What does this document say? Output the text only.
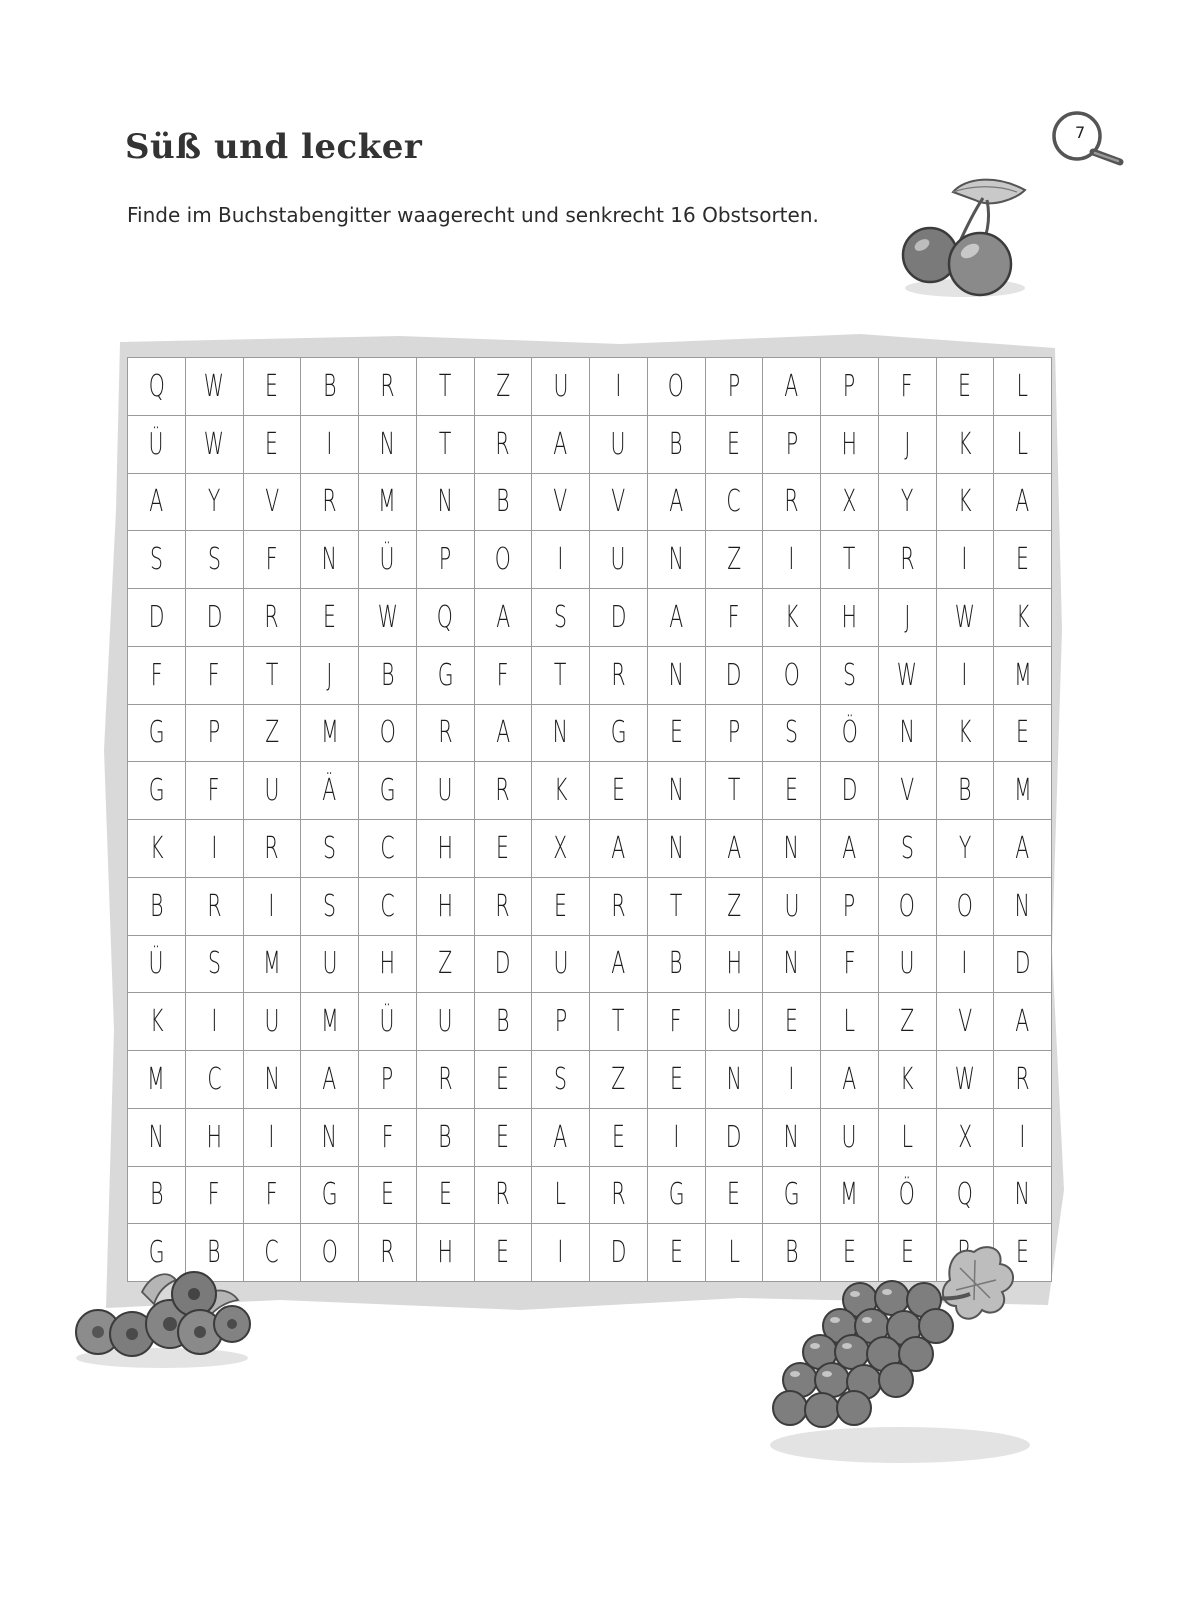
Süß und lecker
Finde im Buchstabengitter waagerecht und senkrecht 16 Obstsorten.
7
Q	W	E	B	R	T	Z	U	I	O	P	A	P	F	E	L
Ü	W	E	I	N	T	R	A	U	B	E	P	H	J	K	L
A	Y	V	R	M	N	B	V	V	A	C	R	X	Y	K	A
S	S	F	N	Ü	P	O	I	U	N	Z	I	T	R	I	E
D	D	R	E	W	Q	A	S	D	A	F	K	H	J	W	K
F	F	T	J	B	G	F	T	R	N	D	O	S	W	I	M
G	P	Z	M	O	R	A	N	G	E	P	S	Ö	N	K	E
G	F	U	Ä	G	U	R	K	E	N	T	E	D	V	B	M
K	I	R	S	C	H	E	X	A	N	A	N	A	S	Y	A
B	R	I	S	C	H	R	E	R	T	Z	U	P	O	O	N
Ü	S	M	U	H	Z	D	U	A	B	H	N	F	U	I	D
K	I	U	M	Ü	U	B	P	T	F	U	E	L	Z	V	A
M	C	N	A	P	R	E	S	Z	E	N	I	A	K	W	R
N	H	I	N	F	B	E	A	E	I	D	N	U	L	X	I
B	F	F	G	E	E	R	L	R	G	E	G	M	Ö	Q	N
G	B	C	O	R	H	E	I	D	E	L	B	E	E		E
